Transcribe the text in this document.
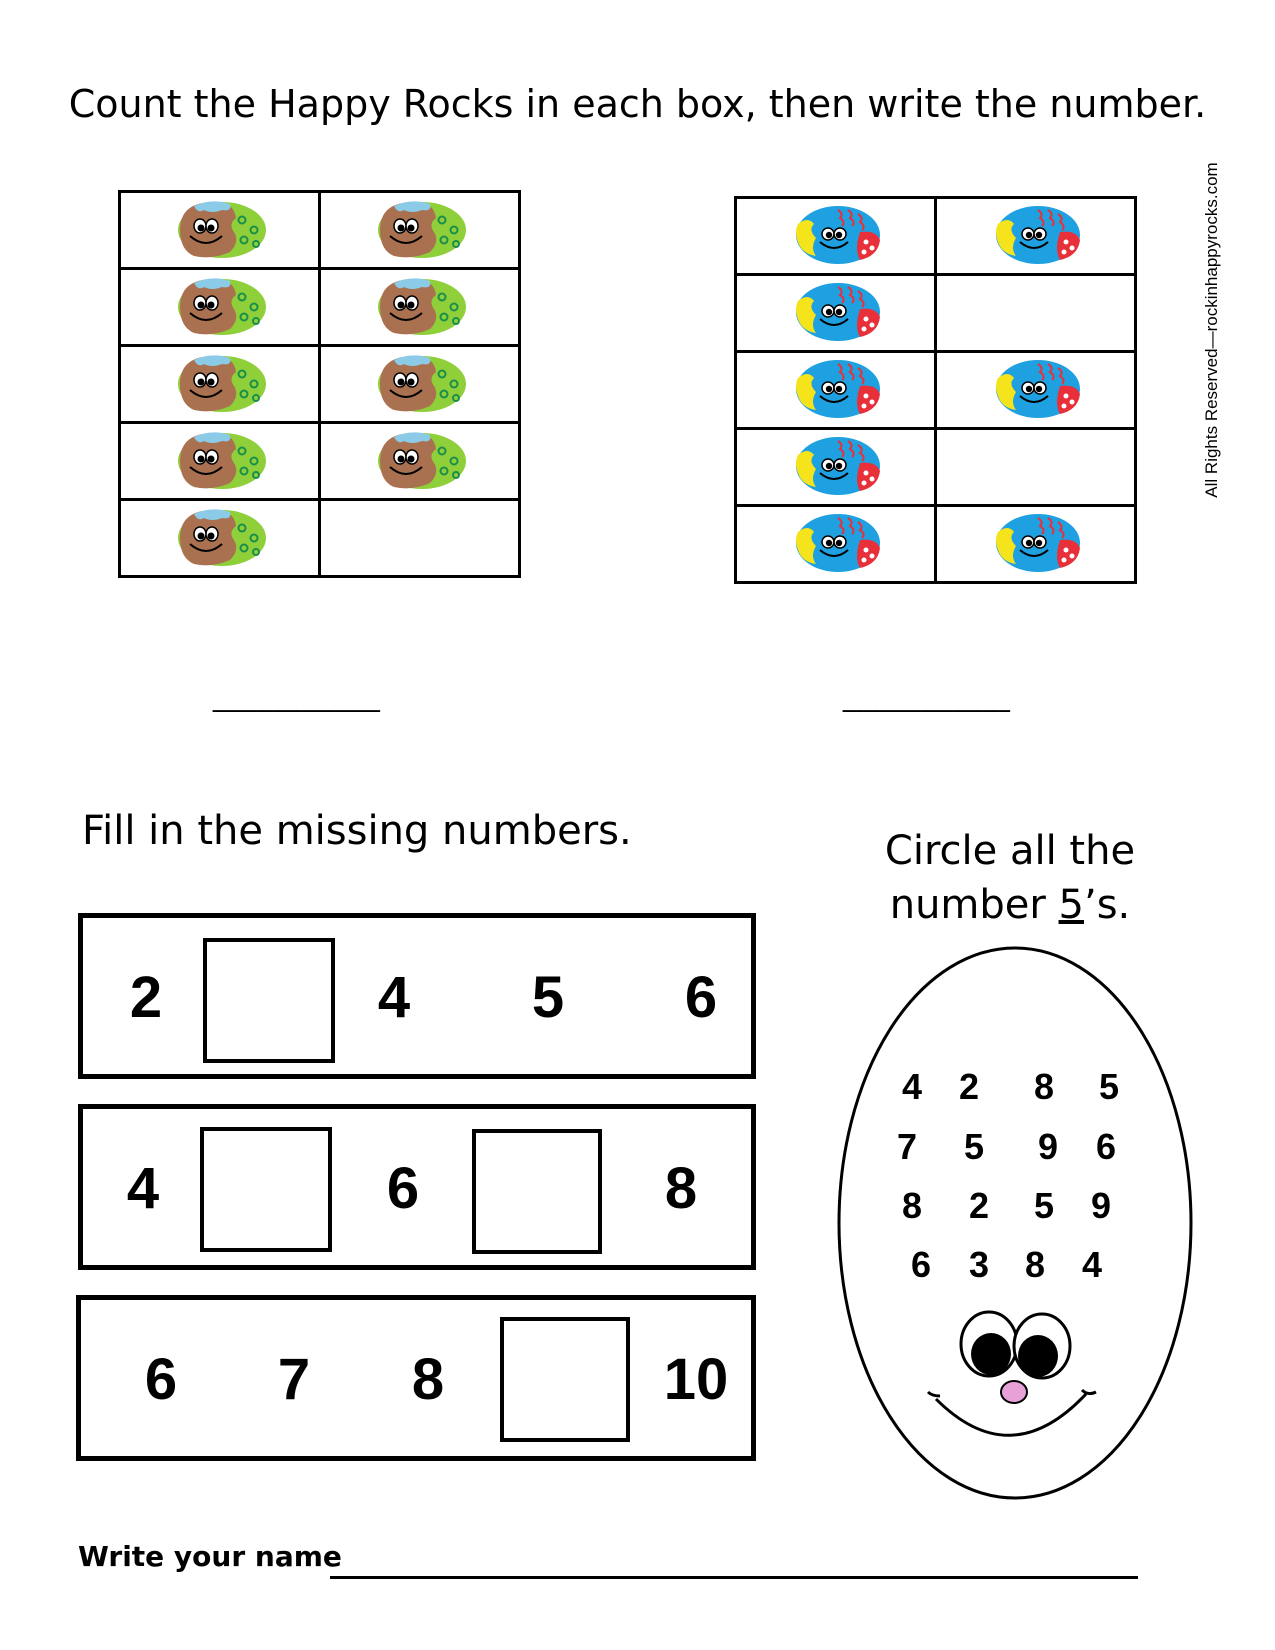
Count the Happy Rocks in each box, then write the number.
All Rights Reserved—rockinhappyrocks.com

__________

		__________
Fill in the missing numbers.
2	4 5 6
4	6	8
6 7 8	10
Circle all the
number 5’s.
4 2 8 5
7 5 9 6
8 2 5 9
6 3 8 4
Write your name
